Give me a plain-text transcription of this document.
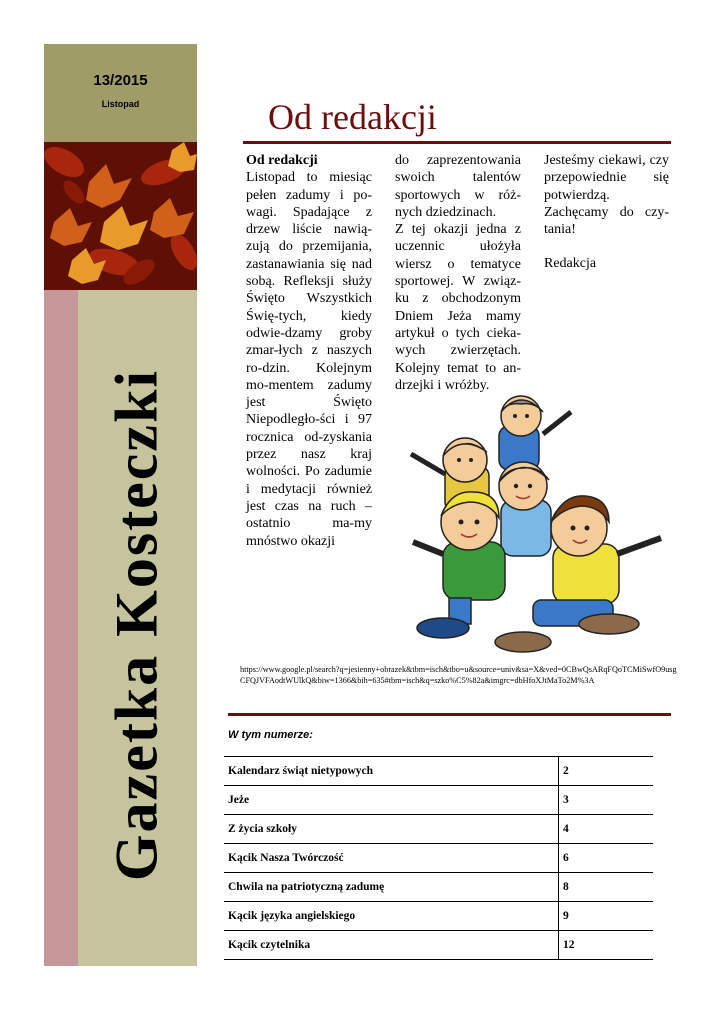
13/2015
Listopad
Gazetka Kosteczki
Od redakcji

Od redakcji

Listopad to miesiąc pełen zadumy i po-wagi. Spadające z drzew liście nawią-zują do przemijania, zastanawiania się nad sobą. Refleksji służy Święto Wszystkich Świę-tych, kiedy odwie-dzamy groby zmar-łych z naszych ro-dzin. Kolejnym mo-mentem zadumy jest Święto Niepodległo-ści i 97 rocznica od-zyskania przez nasz kraj wolności. Po zadumie i medytacji również jest czas na ruch – ostatnio ma-my mnóstwo okazji

do zaprezentowania swoich talentów sportowych w róż-nych dziedzinach.

Z tej okazji jedna z uczennic ułożyła wiersz o tematyce sportowej. W związ-ku z obchodzonym Dniem Jeża mamy artykuł o tych cieka-wych zwierzętach. Kolejny temat to an-drzejki i wróżby.

Jesteśmy ciekawi, czy przepowiednie się potwierdzą. Zachęcamy do czy-tania!

Redakcja

https://www.google.pl/search?q=jesienny+obrazek&tbm=isch&tbo=u&source=univ&sa=X&ved=0CBwQsARqFQoTCMiSwfO9usgCFQJVFAodtWUlkQ&biw=1366&bih=635#tbm=isch&q=szko%C5%82a&imgrc=dbHfoXJtMaTo2M%3A
W tym numerze:
Kalendarz świąt nietypowych	2
Jeże	3
Z życia szkoły	4
Kącik Nasza Twórczość	6
Chwila na patriotyczną zadumę	8
Kącik języka angielskiego	9
Kącik czytelnika	12
